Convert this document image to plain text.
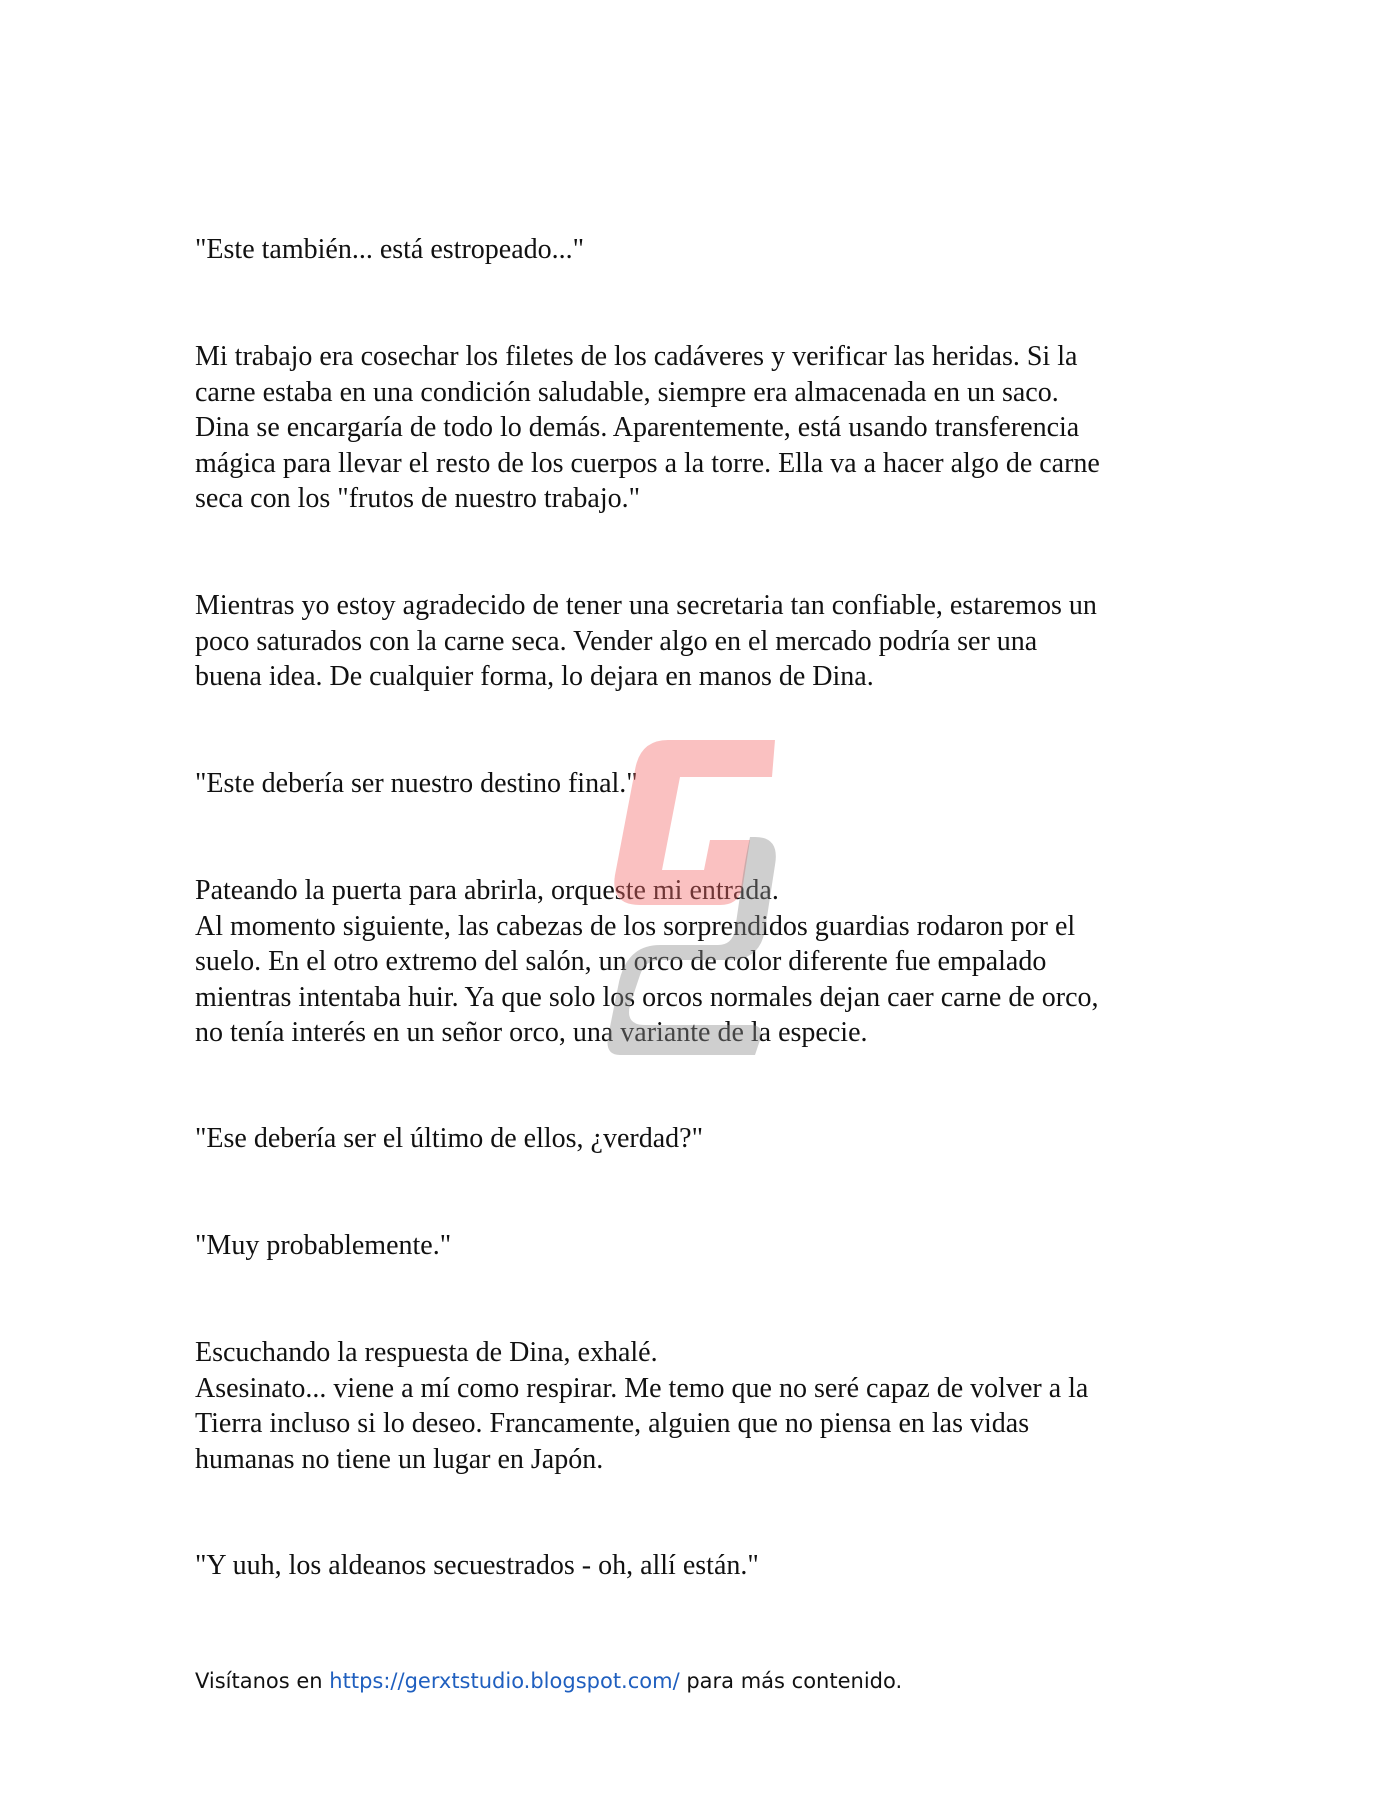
"Este también... está estropeado..."

Mi trabajo era cosechar los filetes de los cadáveres y verificar las heridas. Si la
carne estaba en una condición saludable, siempre era almacenada en un saco.
Dina se encargaría de todo lo demás. Aparentemente, está usando transferencia
mágica para llevar el resto de los cuerpos a la torre. Ella va a hacer algo de carne
seca con los "frutos de nuestro trabajo."

Mientras yo estoy agradecido de tener una secretaria tan confiable, estaremos un
poco saturados con la carne seca. Vender algo en el mercado podría ser una
buena idea. De cualquier forma, lo dejara en manos de Dina.

"Este debería ser nuestro destino final."

Pateando la puerta para abrirla, orqueste mi entrada.
Al momento siguiente, las cabezas de los sorprendidos guardias rodaron por el
suelo. En el otro extremo del salón, un orco de color diferente fue empalado
mientras intentaba huir. Ya que solo los orcos normales dejan caer carne de orco,
no tenía interés en un señor orco, una variante de la especie.

"Ese debería ser el último de ellos, ¿verdad?"

"Muy probablemente."

Escuchando la respuesta de Dina, exhalé.
Asesinato... viene a mí como respirar. Me temo que no seré capaz de volver a la
Tierra incluso si lo deseo. Francamente, alguien que no piensa en las vidas
humanas no tiene un lugar en Japón.

"Y uuh, los aldeanos secuestrados - oh, allí están."

Visítanos en https://gerxtstudio.blogspot.com/ para más contenido.
